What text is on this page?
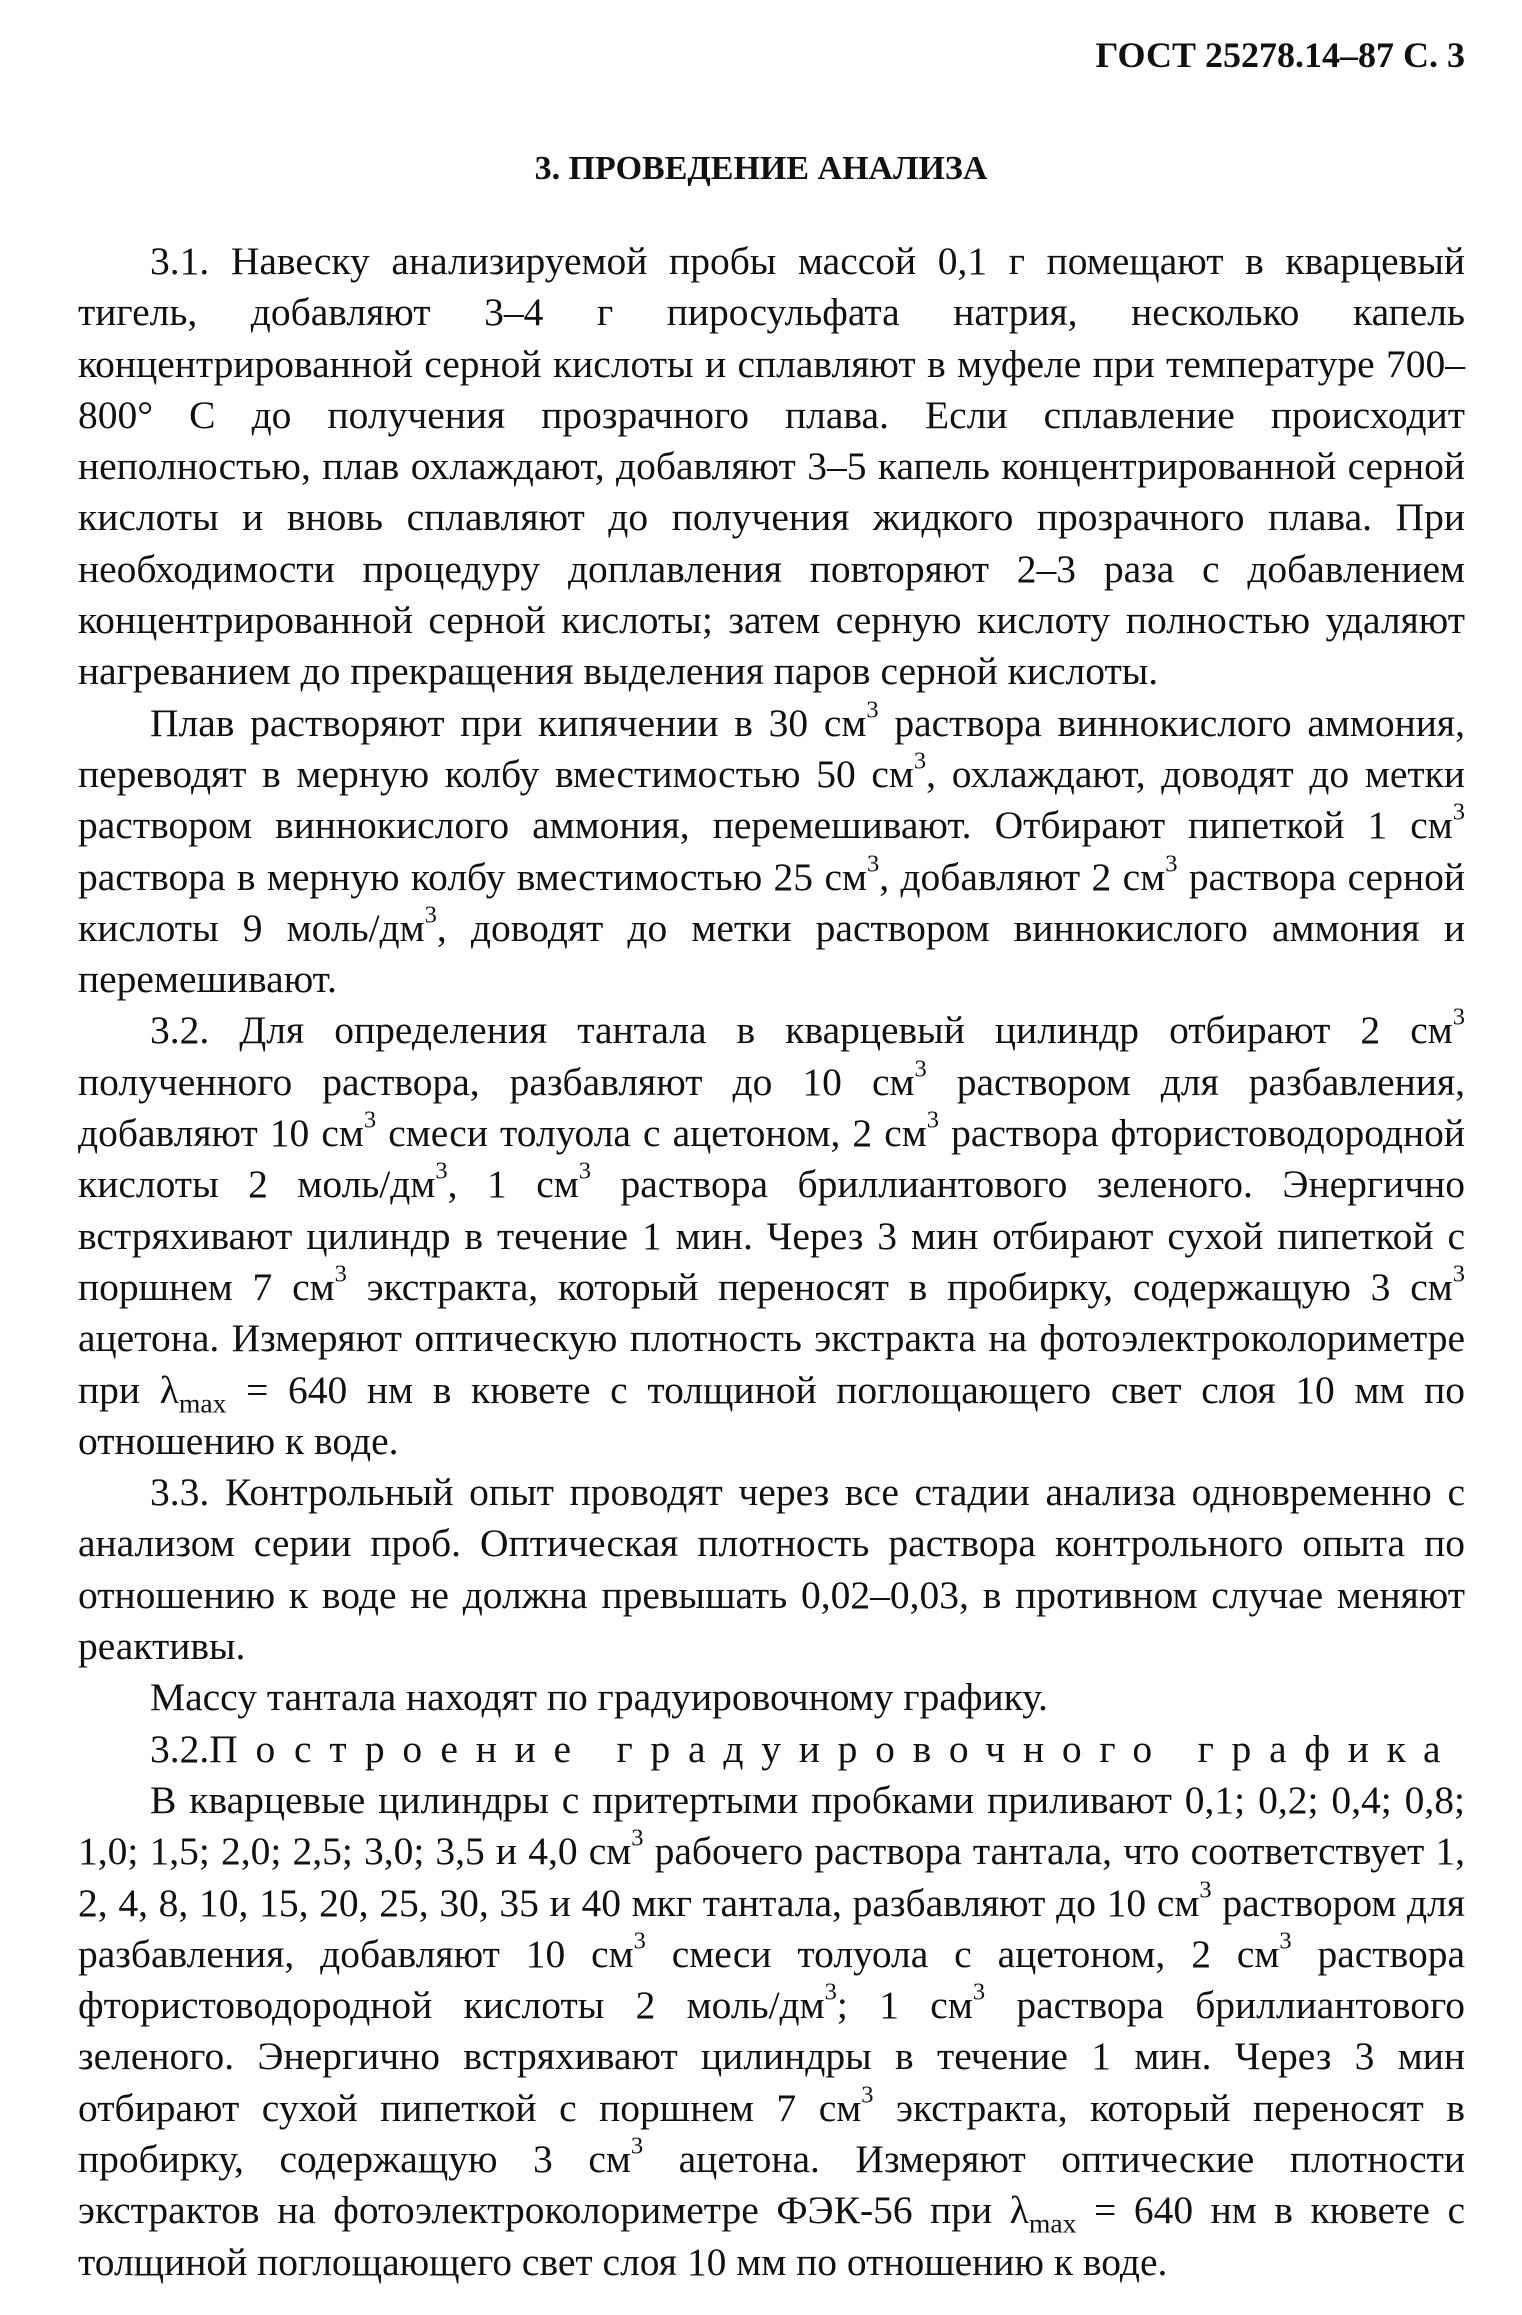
ГОСТ 25278.14–87 С. 3
3. ПРОВЕДЕНИЕ АНАЛИЗА

3.1. Навеску анализируемой пробы массой 0,1 г помещают в кварцевый тигель, добавляют 3–4 г пиросульфата натрия, несколько капель концентрированной серной кислоты и сплавляют в муфеле при температуре 700–800° С до получения прозрачного плава. Если сплавление происходит неполностью, плав охлаждают, добавляют 3–5 капель концентрированной серной кислоты и вновь сплавляют до получения жидкого прозрачного плава. При необходимости процедуру доплавления повторяют 2–3 раза с добавлением концентрированной серной кислоты; затем серную кислоту полностью удаляют нагреванием до прекращения выделения паров серной кислоты.

Плав растворяют при кипячении в 30 $см^3$ раствора виннокислого аммония, переводят в мерную колбу вместимостью 50 $см^3$, охлаждают, доводят до метки раствором виннокислого аммония, перемешивают. Отбирают пипеткой 1 $см^3$ раствора в мерную колбу вместимостью 25 $см^3$, добавляют 2 $см^3$ раствора серной кислоты 9 моль/$дм^3$, доводят до метки раствором виннокислого аммония и перемешивают.

3.2. Для определения тантала в кварцевый цилиндр отбирают 2 $см^3$ полученного раствора, разбавляют до 10 $см^3$ раствором для разбавления, добавляют 10 $см^3$ смеси толуола с ацетоном, 2 $см^3$ раствора фтористоводородной кислоты 2 моль/$дм^3$, 1 $см^3$ раствора бриллиантового зеленого. Энергично встряхивают цилиндр в течение 1 мин. Через 3 мин отбирают сухой пипеткой с поршнем 7 $см^3$ экстракта, который переносят в пробирку, содержащую 3 $см^3$ ацетона. Измеряют оптическую плотность экстракта на фотоэлектроколориметре при $\lambda_{max} = 640$ нм в кювете с толщиной поглощающего свет слоя 10 мм по отношению к воде.

3.3. Контрольный опыт проводят через все стадии анализа одновременно с анализом серии проб. Оптическая плотность раствора контрольного опыта по отношению к воде не должна превышать 0,02–0,03, в противном случае меняют реактивы.

Массу тантала находят по градуировочному графику.

3.2.Построение градуировочного графика

В кварцевые цилиндры с притертыми пробками приливают 0,1; 0,2; 0,4; 0,8; 1,0; 1,5; 2,0; 2,5; 3,0; 3,5 и 4,0 $см^3$ рабочего раствора тантала, что соответствует 1, 2, 4, 8, 10, 15, 20, 25, 30, 35 и 40 мкг тантала, разбавляют до 10 $см^3$ раствором для разбавления, добавляют 10 $см^3$ смеси толуола с ацетоном, 2 $см^3$ раствора фтористоводородной кислоты 2 моль/$дм^3$; 1 $см^3$ раствора бриллиантового зеленого. Энергично встряхивают цилиндры в течение 1 мин. Через 3 мин отбирают сухой пипеткой с поршнем 7 $см^3$ экстракта, который переносят в пробирку, содержащую 3 $см^3$ ацетона. Измеряют оптические плотности экстрактов на фотоэлектроколориметре ФЭК-56 при $\lambda_{max} = 640$ нм в кювете с толщиной поглощающего свет слоя 10 мм по отношению к воде.
